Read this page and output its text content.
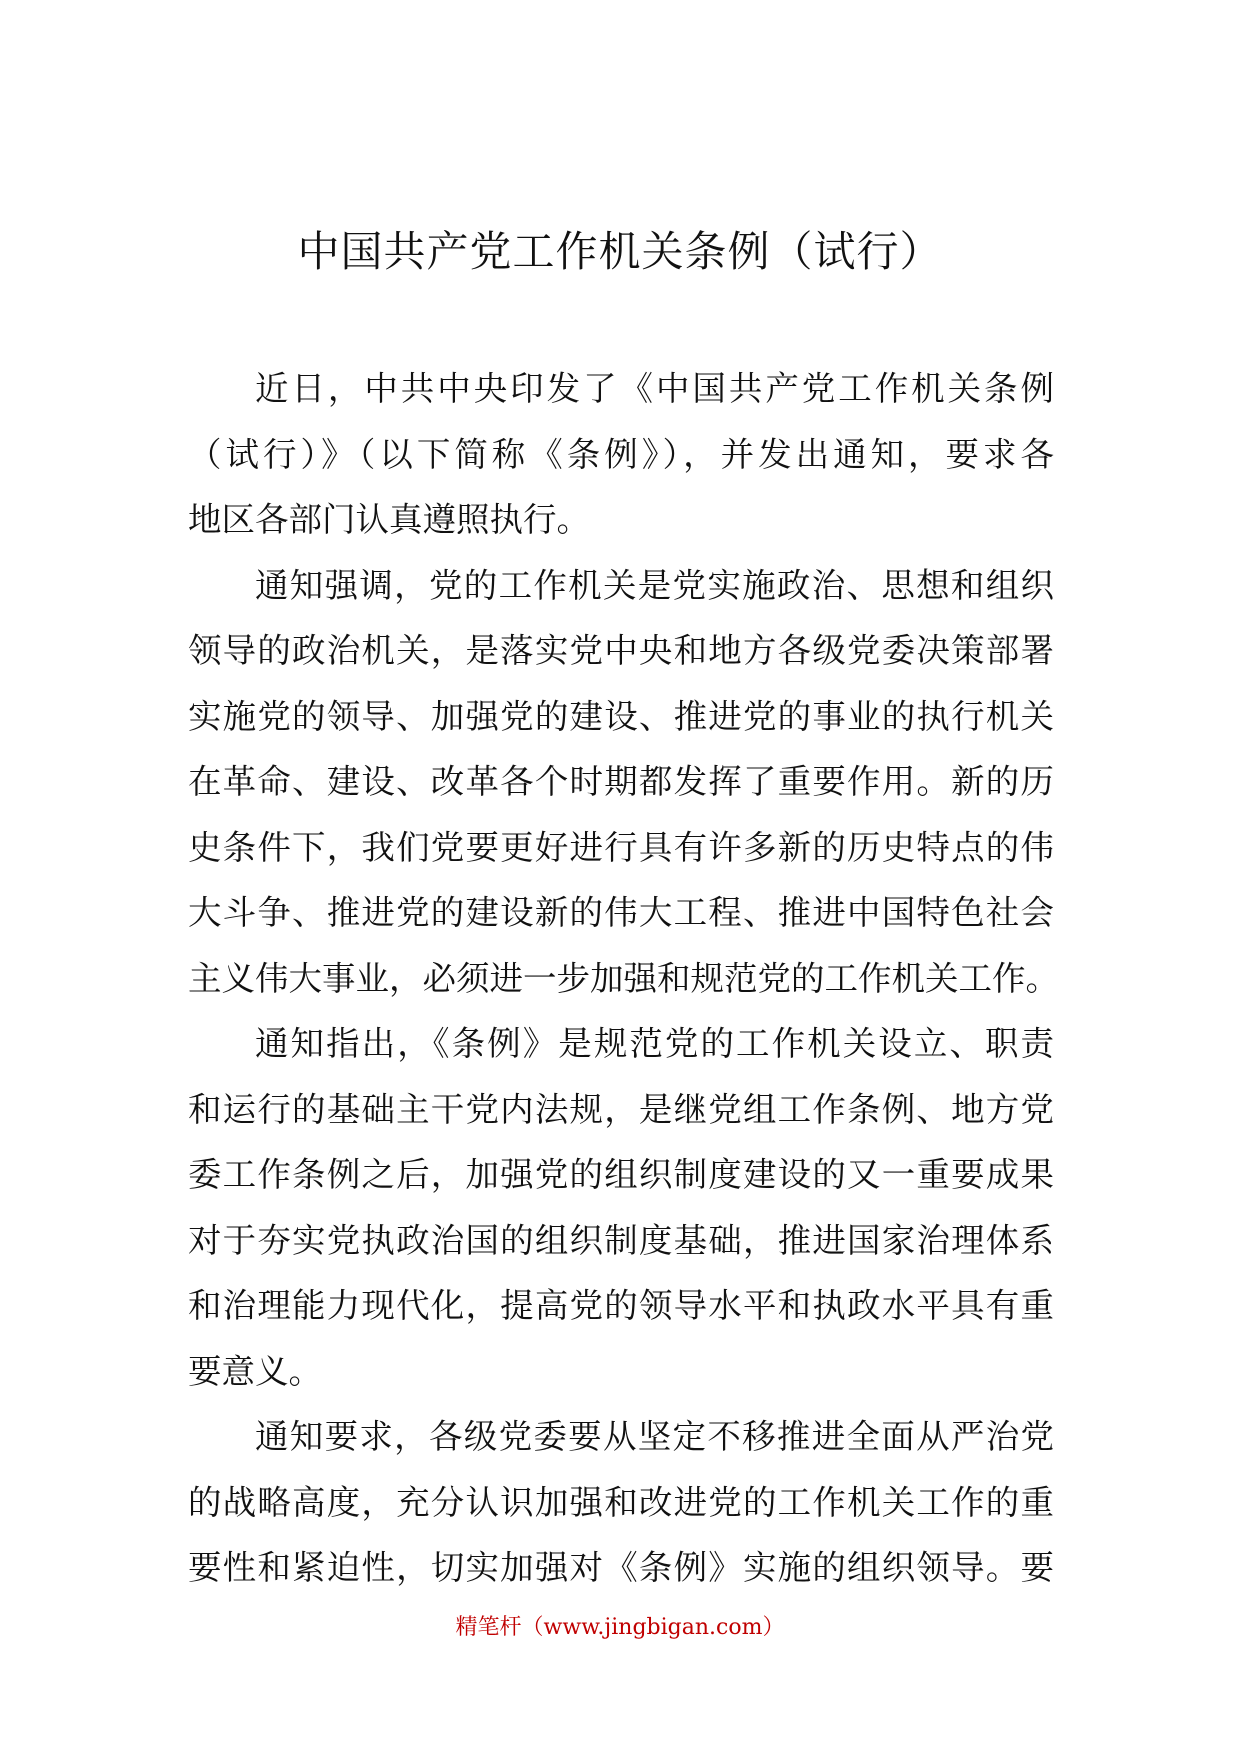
中国共产党工作机关条例（试行）
近日，中共中央印发了《中国共产党工作机关条例
（试行）》（以下简称《条例》），并发出通知，要求各
地区各部门认真遵照执行。
通知强调，党的工作机关是党实施政治、思想和组织
领导的政治机关，是落实党中央和地方各级党委决策部署
实施党的领导、加强党的建设、推进党的事业的执行机关
在革命、建设、改革各个时期都发挥了重要作用。新的历
史条件下，我们党要更好进行具有许多新的历史特点的伟
大斗争、推进党的建设新的伟大工程、推进中国特色社会
主义伟大事业，必须进一步加强和规范党的工作机关工作。
通知指出，《条例》是规范党的工作机关设立、职责
和运行的基础主干党内法规，是继党组工作条例、地方党
委工作条例之后，加强党的组织制度建设的又一重要成果
对于夯实党执政治国的组织制度基础，推进国家治理体系
和治理能力现代化，提高党的领导水平和执政水平具有重
要意义。
通知要求，各级党委要从坚定不移推进全面从严治党
的战略高度，充分认识加强和改进党的工作机关工作的重
要性和紧迫性，切实加强对《条例》实施的组织领导。要
精笔杆（www.jingbigan.com）
